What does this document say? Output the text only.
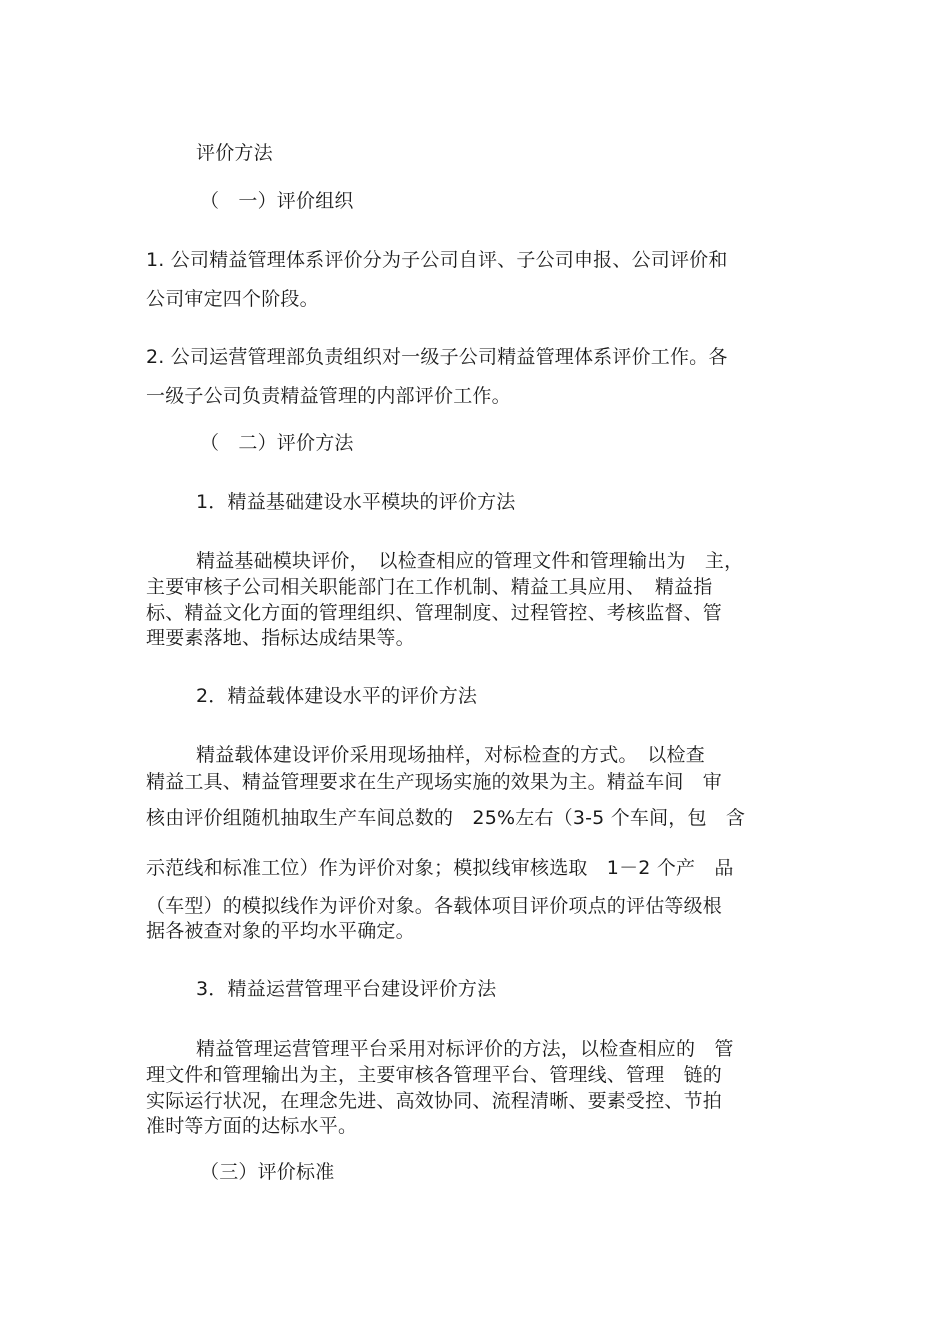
评价方法
（　一）评价组织
1. 公司精益管理体系评价分为子公司自评、子公司申报、公司评价和
公司审定四个阶段。
2. 公司运营管理部负责组织对一级子公司精益管理体系评价工作。各
一级子公司负责精益管理的内部评价工作。
（　二）评价方法
1．精益基础建设水平模块的评价方法
精益基础模块评价，　以检查相应的管理文件和管理输出为　主，
主要审核子公司相关职能部门在工作机制、精益工具应用、　精益指
标、精益文化方面的管理组织、管理制度、过程管控、考核监督、管
理要素落地、指标达成结果等。
2．精益载体建设水平的评价方法
精益载体建设评价采用现场抽样，对标检查的方式。　以检查
精益工具、精益管理要求在生产现场实施的效果为主。精益车间　审
核由评价组随机抽取生产车间总数的　25%左右（3-5 个车间，包　含
示范线和标准工位）作为评价对象；模拟线审核选取　1－2 个产　品
（车型）的模拟线作为评价对象。各载体项目评价项点的评估等级根
据各被查对象的平均水平确定。
3．精益运营管理平台建设评价方法
精益管理运营管理平台采用对标评价的方法，以检查相应的　管
理文件和管理输出为主，主要审核各管理平台、管理线、管理　链的
实际运行状况，在理念先进、高效协同、流程清晰、要素受控、节拍
准时等方面的达标水平。
（三）评价标准
